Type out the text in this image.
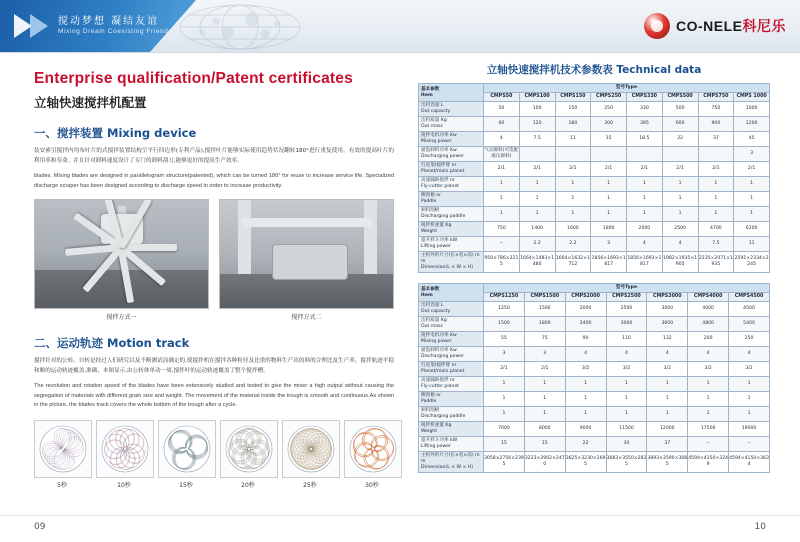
搅动梦想 凝结友谊
Mixing Dream Coexisting Friendship	CO-NELE科尼乐
Enterprise qualification/Patent certificates
立轴快速搅拌机配置
一、搅拌装置 Mixing device
装安索引搅拌内均布叶片的式搅拌装置结构呈平行四边形(专利产品),搅拌叶片能够实际使用趋势状况翻转180°进行重复使用。有效的提高叶片的利用率和寿命。并且针对卸料速度设计了专门的卸料刮刀,能够更好的提高生产效率。
blades. Mixing blades are designed in parallelogram structure(patented), which can be turned 180° for reuse to increase service life. Specialized discharge scraper has been designed according to discharge speed in order to increase productivity.
搅拌方式一	搅拌方式二
二、运动轨迹 Motion track
搅拌针对的公转、自转是经过人们研究以及不断测试而确定的,使搅拌机在搅拌各种粒径及比重的物料生产出的料的合理比及生产率。搅拌轨迹平稳和顺的运动轨迹覆盖,准确、本图显示,由公转体单动一周,搅拌叶的运动轨迹覆盖了整个搅拌槽。
The revolution and rotation speed of the blades have been extensively studied and tested to give the mixer a high output without causing the segregation of materials with different grain size and weight. The movement of the material inside the trough is smooth and continuous.As shown in the picture, the blades track covers the whole bottom of the trough after a cycle.
5秒	10秒	15秒	20秒	25秒	30秒
立轴快速搅拌机技术参数表 Technical data
基本参数
Item	型号Type							
	CMPS50	CMPS100	CMPS150	CMPS250	CMPS330	CMPS500	CMPS750	CMPS 1000
出料容量 L
Out capacity	50	100	150	250	330	500	750	1000
出料质量 Kg
Out mass	60	120	180	300	395	600	900	1200
搅拌电机功率 Kw
Mixing power	4	7.5	11	15	18.5	22	37	45
通泡卸料功率 Kw
Discharging power	气动卸料(可选配液压卸料)							3
行星架/搅拌臂 nr
Planet/main planet	2/1	2/1	2/1	2/1	2/1	2/1	2/1	2/1
高速辅助搅拌 nr
Fly-cutter planet	1	1	1	1	1	1	1	1
侧刮板 nr
Paddle	1	1	1	1	1	1	1	1
卸料刮板
Discharging paddle	1	1	1	1	1	1	1	1
搅拌机重量 Kg
Weight	750	1400	1600	1800	2000	2500	4700	6200
提升料斗功率 kW
Lifting power	--	2.2	2.2	3	4	4	7.5	11
主机外形尺寸(长×宽×高) mm
Dimension(L × W × H)	950×786×2215	1664×1483×1480	1664×1632×1712	1856×1693×1817	1856×1693×1817	1982×1935×1905	2235×2071×1935	2591×2334×2245
基本参数
Item	型号Type						
	CMPS1250	CMPS1500	CMPS2000	CMPS2500	CMPS3000	CMPS4000	CMPS4500
出料容量 L
Out capacity	1250	1500	2000	2500	3000	4000	4500
出料质量 Kg
Out mass	1500	1800	2400	3000	3600	4800	5400
搅拌电机功率 Kw
Mixing power	55	75	90	110	132	200	250
通泡卸料功率 Kw
Discharging power	3	3	4	4	4	4	4
行星架/搅拌臂 nr
Planet/main planet	2/1	2/1	3/2	3/2	3/2	3/2	3/2
高速辅助搅拌 nr
Fly-cutter planet	1	1	1	1	1	1	1
侧刮板 nr
Paddle	1	1	1	1	1	1	1
卸料刮板
Discharging paddle	1	1	1	1	1	1	1
搅拌机重量 Kg
Weight	7000	8000	9000	11500	12000	17500	19000
提升料斗功率 kW
Lifting power	15	15	22	30	37	--	--
主机外形尺寸(长×宽×高) mm
Dimension(L × W × H)	3058×2756×2395	3223×2902×2470	3625×3230×2695	3683×3550×2825	3893×3590×3085	4594×4150×3249	4594×4150×3634
09	10
